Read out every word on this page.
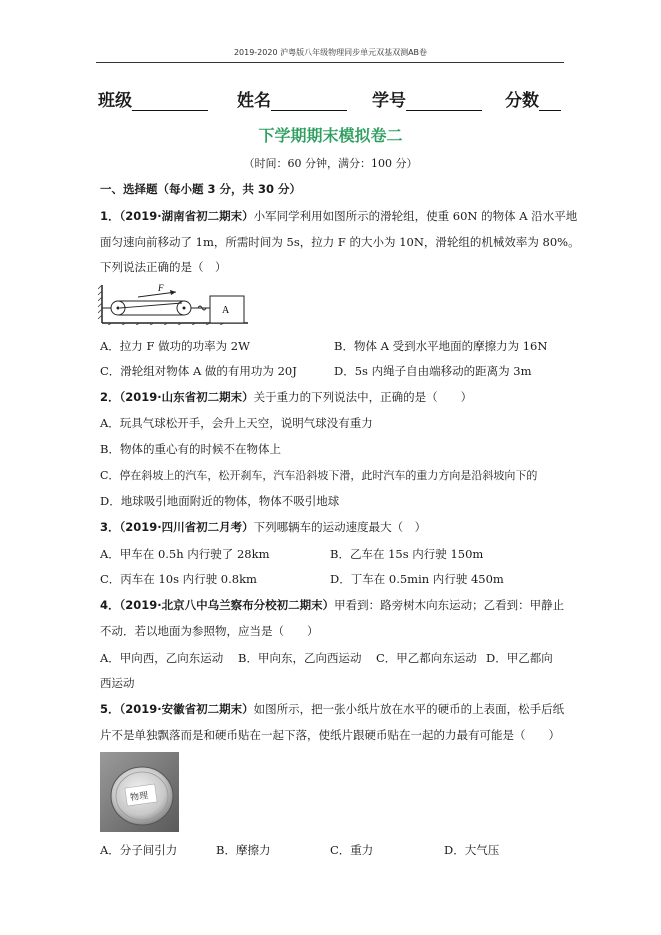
2019-2020 沪粤版八年级物理同步单元双基双测AB卷
班级	姓名	学号	分数
下学期期末模拟卷二
（时间：60 分钟，满分：100 分）
一、选择题（每小题 3 分，共 30 分）
1．（2019·湖南省初二期末）小军同学利用如图所示的滑轮组，使重 60N 的物体 A 沿水平地
面匀速向前移动了 1m，所需时间为 5s，拉力 F 的大小为 10N，滑轮组的机械效率为 80%。
下列说法正确的是（　）
F
A
A．拉力 F 做功的功率为 2W	B．物体 A 受到水平地面的摩擦力为 16N
C．滑轮组对物体 A 做的有用功为 20J	D．5s 内绳子自由端移动的距离为 3m
2．（2019·山东省初二期末）关于重力的下列说法中，正确的是（　　）
A．玩具气球松开手，会升上天空，说明气球没有重力
B．物体的重心有的时候不在物体上
C．停在斜坡上的汽车，松开刹车，汽车沿斜坡下滑，此时汽车的重力方向是沿斜坡向下的
D．地球吸引地面附近的物体，物体不吸引地球
3．（2019·四川省初二月考）下列哪辆车的运动速度最大（　）
A．甲车在 0.5h 内行驶了 28km	B．乙车在 15s 内行驶 150m
C．丙车在 10s 内行驶 0.8km	D．丁车在 0.5min 内行驶 450m
4．（2019·北京八中乌兰察布分校初二期末）甲看到：路旁树木向东运动；乙看到：甲静止
不动．若以地面为参照物，应当是（　　）
A．甲向西，乙向东运动 B．甲向东，乙向西运动 C．甲乙都向东运动 D．甲乙都向
西运动
5．（2019·安徽省初二期末）如图所示，把一张小纸片放在水平的硬币的上表面，松手后纸
片不是单独飘落而是和硬币贴在一起下落，使纸片跟硬币贴在一起的力最有可能是（　　）
物理
A．分子间引力	B．摩擦力	C．重力	D．大气压
